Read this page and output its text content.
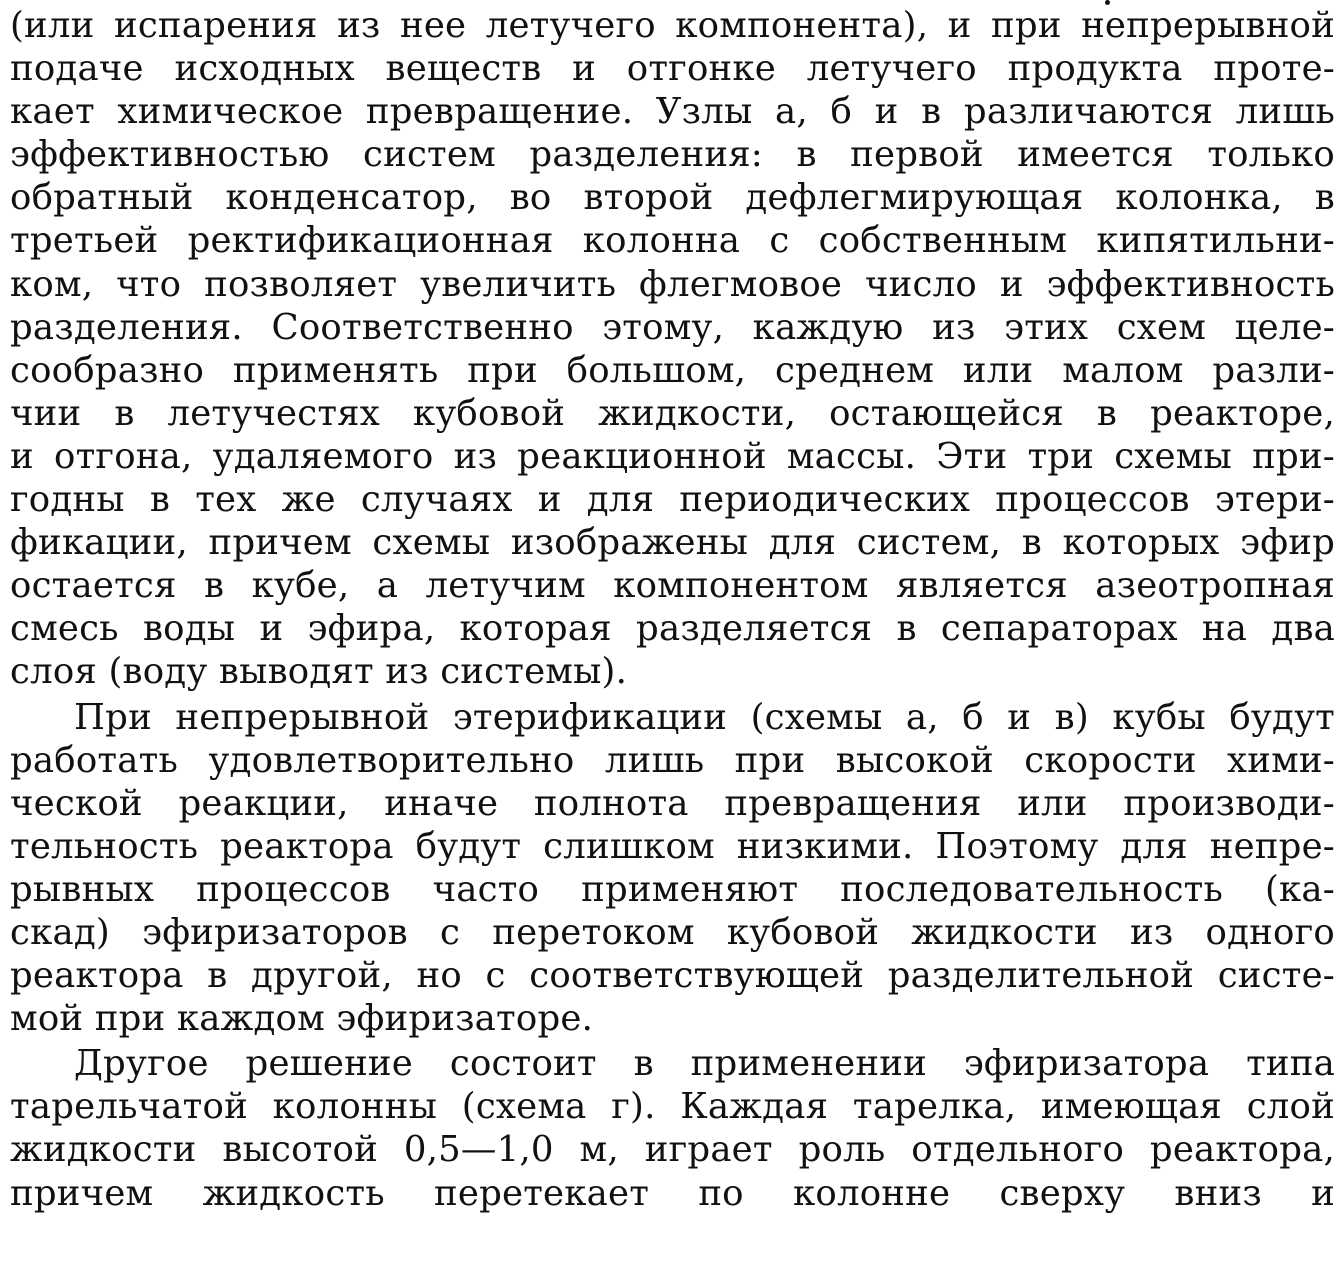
(или испарения из нее летучего компонента), и при непрерывной
подаче исходных веществ и отгонке летучего продукта проте-
кает химическое превращение. Узлы а, б и в различаются лишь
эффективностью систем разделения: в первой имеется только
обратный конденсатор, во второй дефлегмирующая колонка, в
третьей ректификационная колонна с собственным кипятильни-
ком, что позволяет увеличить флегмовое число и эффективность
разделения. Соответственно этому, каждую из этих схем целе-
сообразно применять при большом, среднем или малом разли-
чии в летучестях кубовой жидкости, остающейся в реакторе,
и отгона, удаляемого из реакционной массы. Эти три схемы при-
годны в тех же случаях и для периодических процессов этери-
фикации, причем схемы изображены для систем, в которых эфир
остается в кубе, а летучим компонентом является азеотропная
смесь воды и эфира, которая разделяется в сепараторах на два
слоя (воду выводят из системы).
При непрерывной этерификации (схемы а, б и в) кубы будут
работать удовлетворительно лишь при высокой скорости хими-
ческой реакции, иначе полнота превращения или производи-
тельность реактора будут слишком низкими. Поэтому для непре-
рывных процессов часто применяют последовательность (ка-
скад) эфиризаторов с перетоком кубовой жидкости из одного
реактора в другой, но с соответствующей разделительной систе-
мой при каждом эфиризаторе.
Другое решение состоит в применении эфиризатора типа
тарельчатой колонны (схема г). Каждая тарелка, имеющая слой
жидкости высотой 0,5—1,0 м, играет роль отдельного реактора,
причем жидкость перетекает по колонне сверху вниз и
